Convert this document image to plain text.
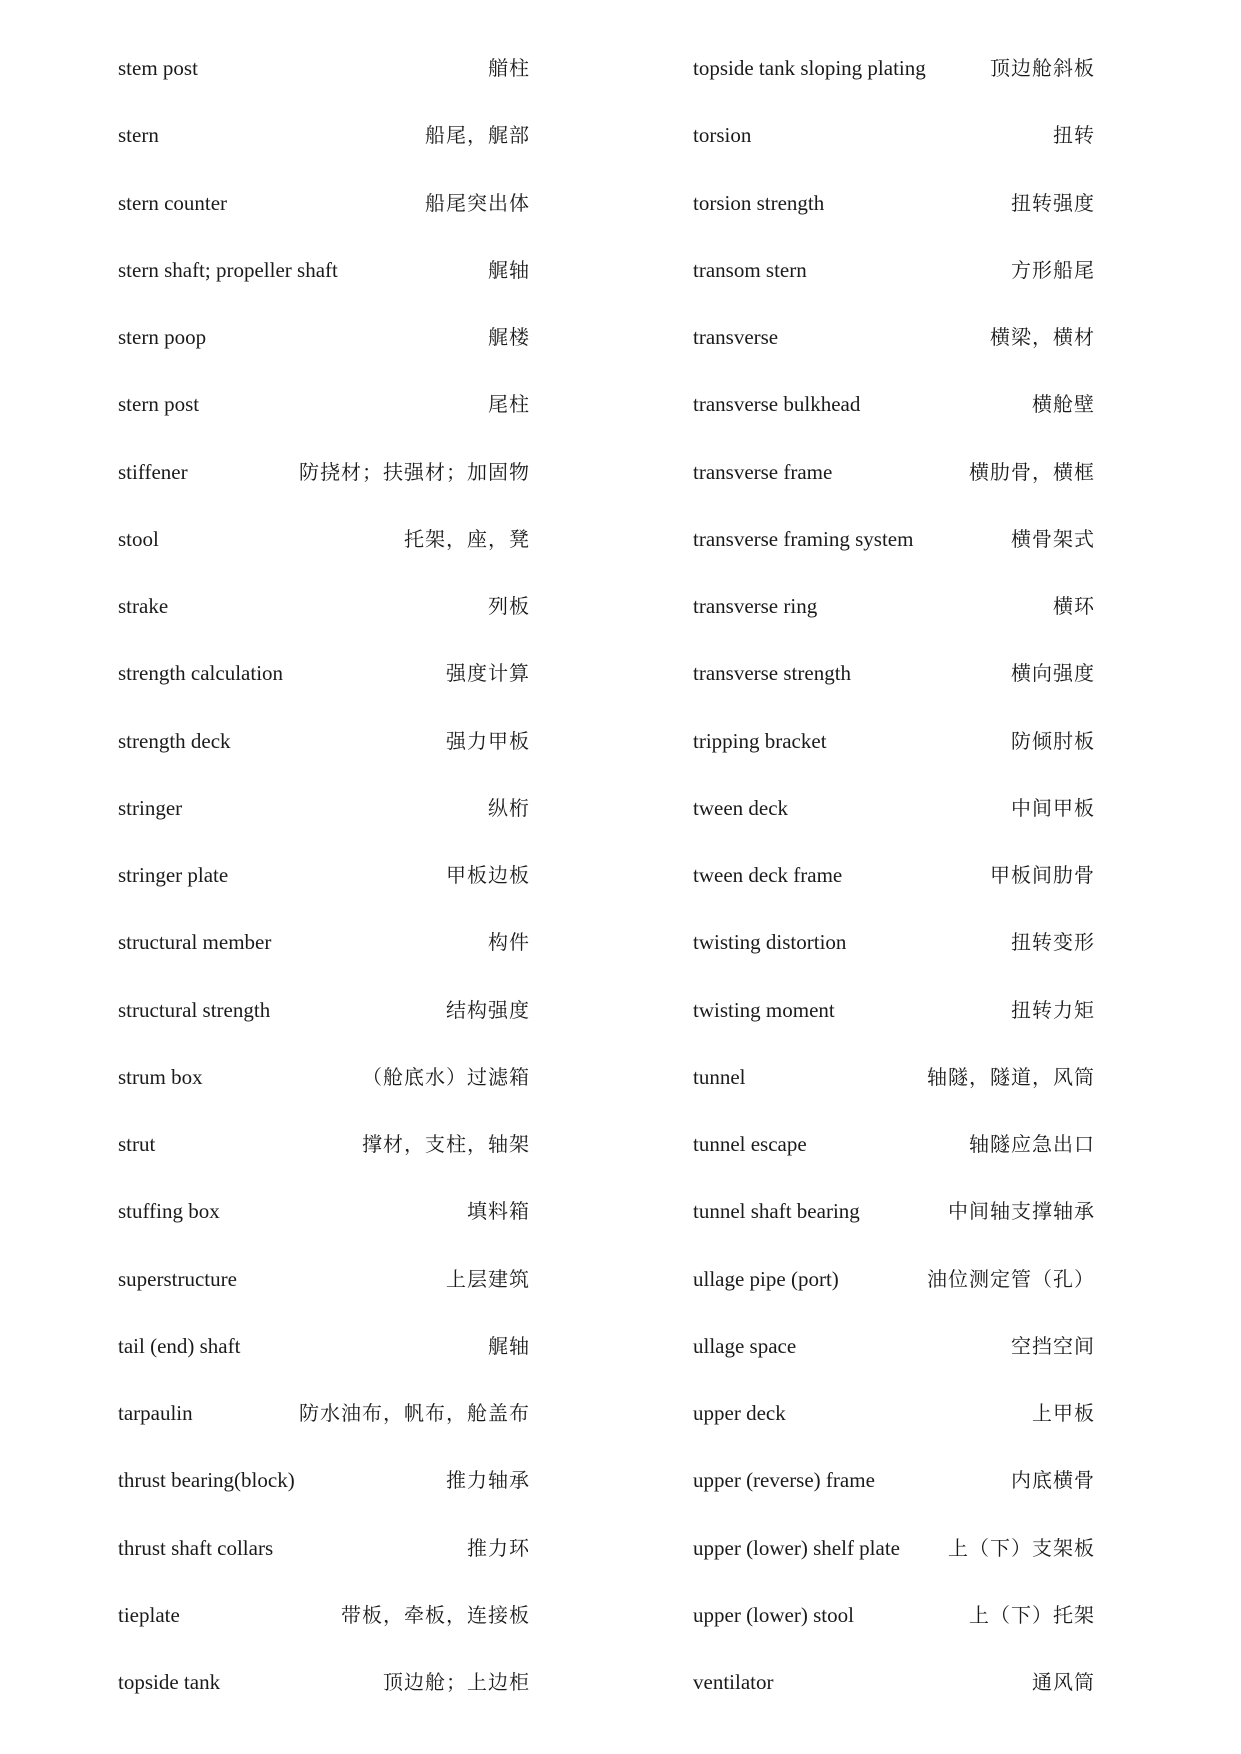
stem post	艏柱
stern	船尾，艉部
stern counter	船尾突出体
stern shaft; propeller shaft	艉轴
stern poop	艉楼
stern post	尾柱
stiffener	防挠材；扶强材；加固物
stool	托架，座，凳
strake	列板
strength calculation	强度计算
strength deck	强力甲板
stringer	纵桁
stringer plate	甲板边板
structural member	构件
structural strength	结构强度
strum box	（舱底水）过滤箱
strut	撑材，支柱，轴架
stuffing box	填料箱
superstructure	上层建筑
tail (end) shaft	艉轴
tarpaulin	防水油布，帆布，舱盖布
thrust bearing(block)	推力轴承
thrust shaft collars	推力环
tieplate	带板，牵板，连接板
topside tank	顶边舱；上边柜
topside tank sloping plating	顶边舱斜板
torsion	扭转
torsion strength	扭转强度
transom stern	方形船尾
transverse	横梁，横材
transverse bulkhead	横舱壁
transverse frame	横肋骨，横框
transverse framing system	横骨架式
transverse ring	横环
transverse strength	横向强度
tripping bracket	防倾肘板
tween deck	中间甲板
tween deck frame	甲板间肋骨
twisting distortion	扭转变形
twisting moment	扭转力矩
tunnel	轴隧，隧道，风筒
tunnel escape	轴隧应急出口
tunnel shaft bearing	中间轴支撑轴承
ullage pipe (port)	油位测定管（孔）
ullage space	空挡空间
upper deck	上甲板
upper (reverse) frame	内底横骨
upper (lower) shelf plate 上（下）支架板
upper (lower) stool	上（下）托架
ventilator	通风筒
